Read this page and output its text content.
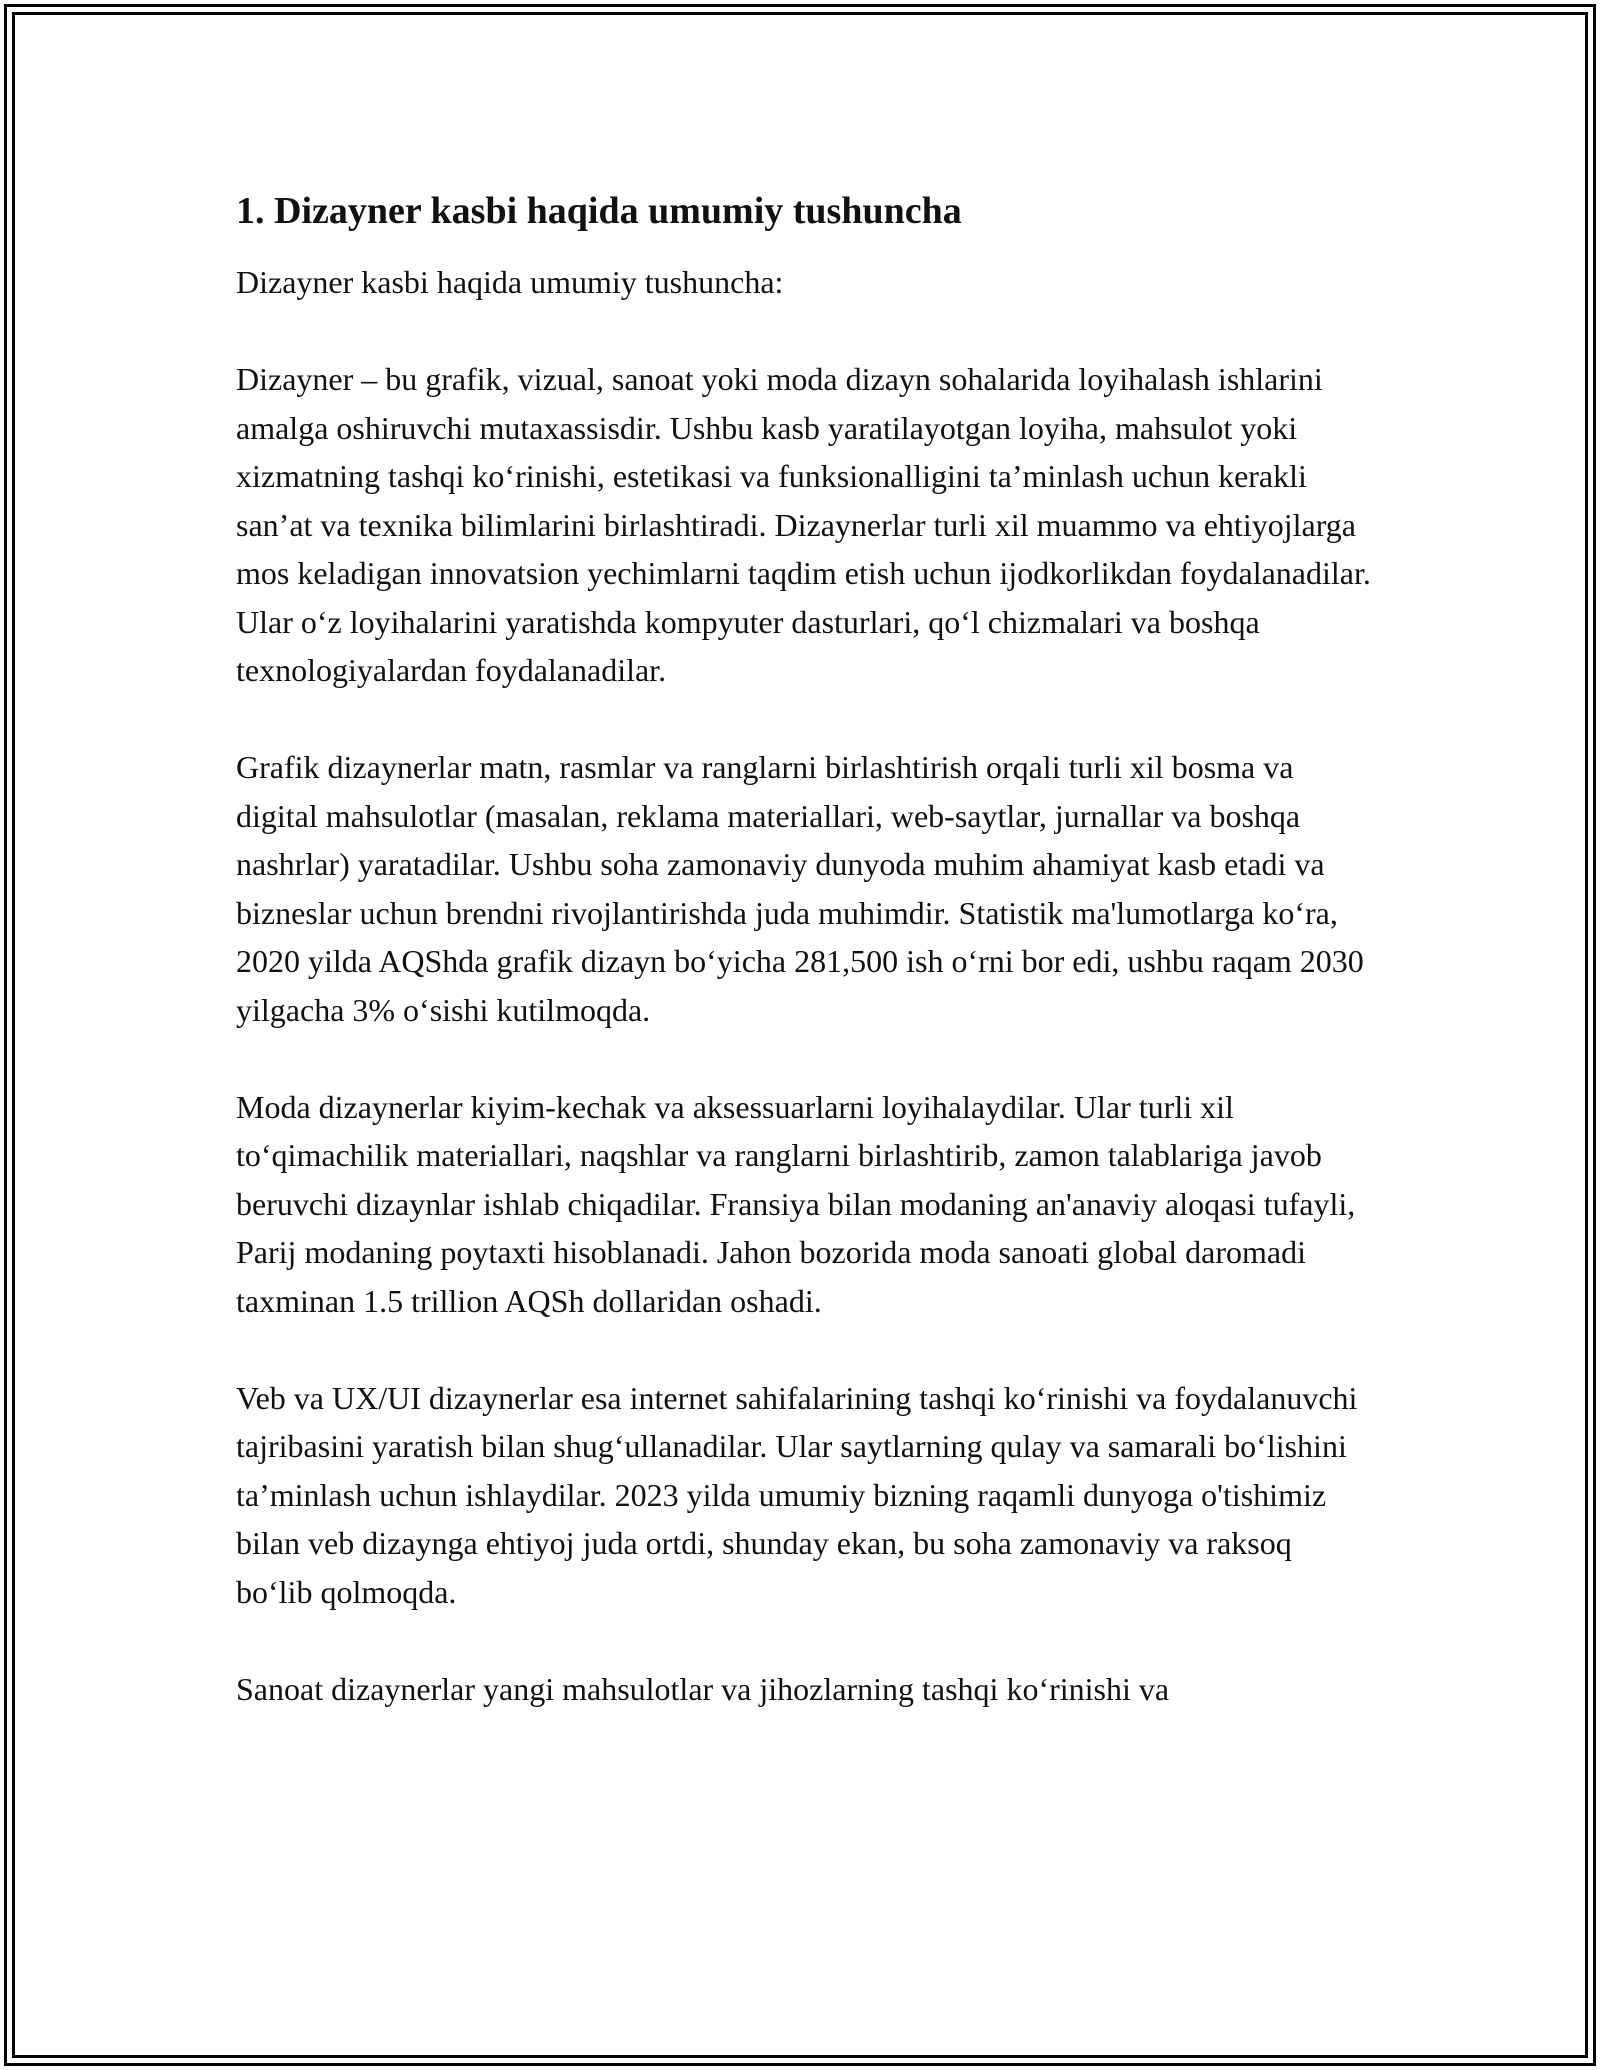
1. Dizayner kasbi haqida umumiy tushuncha

Dizayner kasbi haqida umumiy tushuncha:

Dizayner – bu grafik, vizual, sanoat yoki moda dizayn sohalarida loyihalash ishlarini amalga oshiruvchi mutaxassisdir. Ushbu kasb yaratilayotgan loyiha, mahsulot yoki xizmatning tashqi koʻrinishi, estetikasi va funksionalligini taʼminlash uchun kerakli sanʼat va texnika bilimlarini birlashtiradi. Dizaynerlar turli xil muammo va ehtiyojlarga mos keladigan innovatsion yechimlarni taqdim etish uchun ijodkorlikdan foydalanadilar. Ular oʻz loyihalarini yaratishda kompyuter dasturlari, qoʻl chizmalari va boshqa texnologiyalardan foydalanadilar.

Grafik dizaynerlar matn, rasmlar va ranglarni birlashtirish orqali turli xil bosma va digital mahsulotlar (masalan, reklama materiallari, web-saytlar, jurnallar va boshqa nashrlar) yaratadilar. Ushbu soha zamonaviy dunyoda muhim ahamiyat kasb etadi va bizneslar uchun brendni rivojlantirishda juda muhimdir. Statistik ma'lumotlarga koʻra, 2020 yilda AQShda grafik dizayn boʻyicha 281,500 ish oʻrni bor edi, ushbu raqam 2030 yilgacha 3% oʻsishi kutilmoqda.

Moda dizaynerlar kiyim-kechak va aksessuarlarni loyihalaydilar. Ular turli xil toʻqimachilik materiallari, naqshlar va ranglarni birlashtirib, zamon talablariga javob beruvchi dizaynlar ishlab chiqadilar. Fransiya bilan modaning an'anaviy aloqasi tufayli, Parij modaning poytaxti hisoblanadi. Jahon bozorida moda sanoati global daromadi taxminan 1.5 trillion AQSh dollaridan oshadi.

Veb va UX/UI dizaynerlar esa internet sahifalarining tashqi koʻrinishi va foydalanuvchi tajribasini yaratish bilan shugʻullanadilar. Ular saytlarning qulay va samarali boʻlishini taʼminlash uchun ishlaydilar. 2023 yilda umumiy bizning raqamli dunyoga o'tishimiz bilan veb dizaynga ehtiyoj juda ortdi, shunday ekan, bu soha zamonaviy va raksoq boʻlib qolmoqda.

Sanoat dizaynerlar yangi mahsulotlar va jihozlarning tashqi koʻrinishi va
